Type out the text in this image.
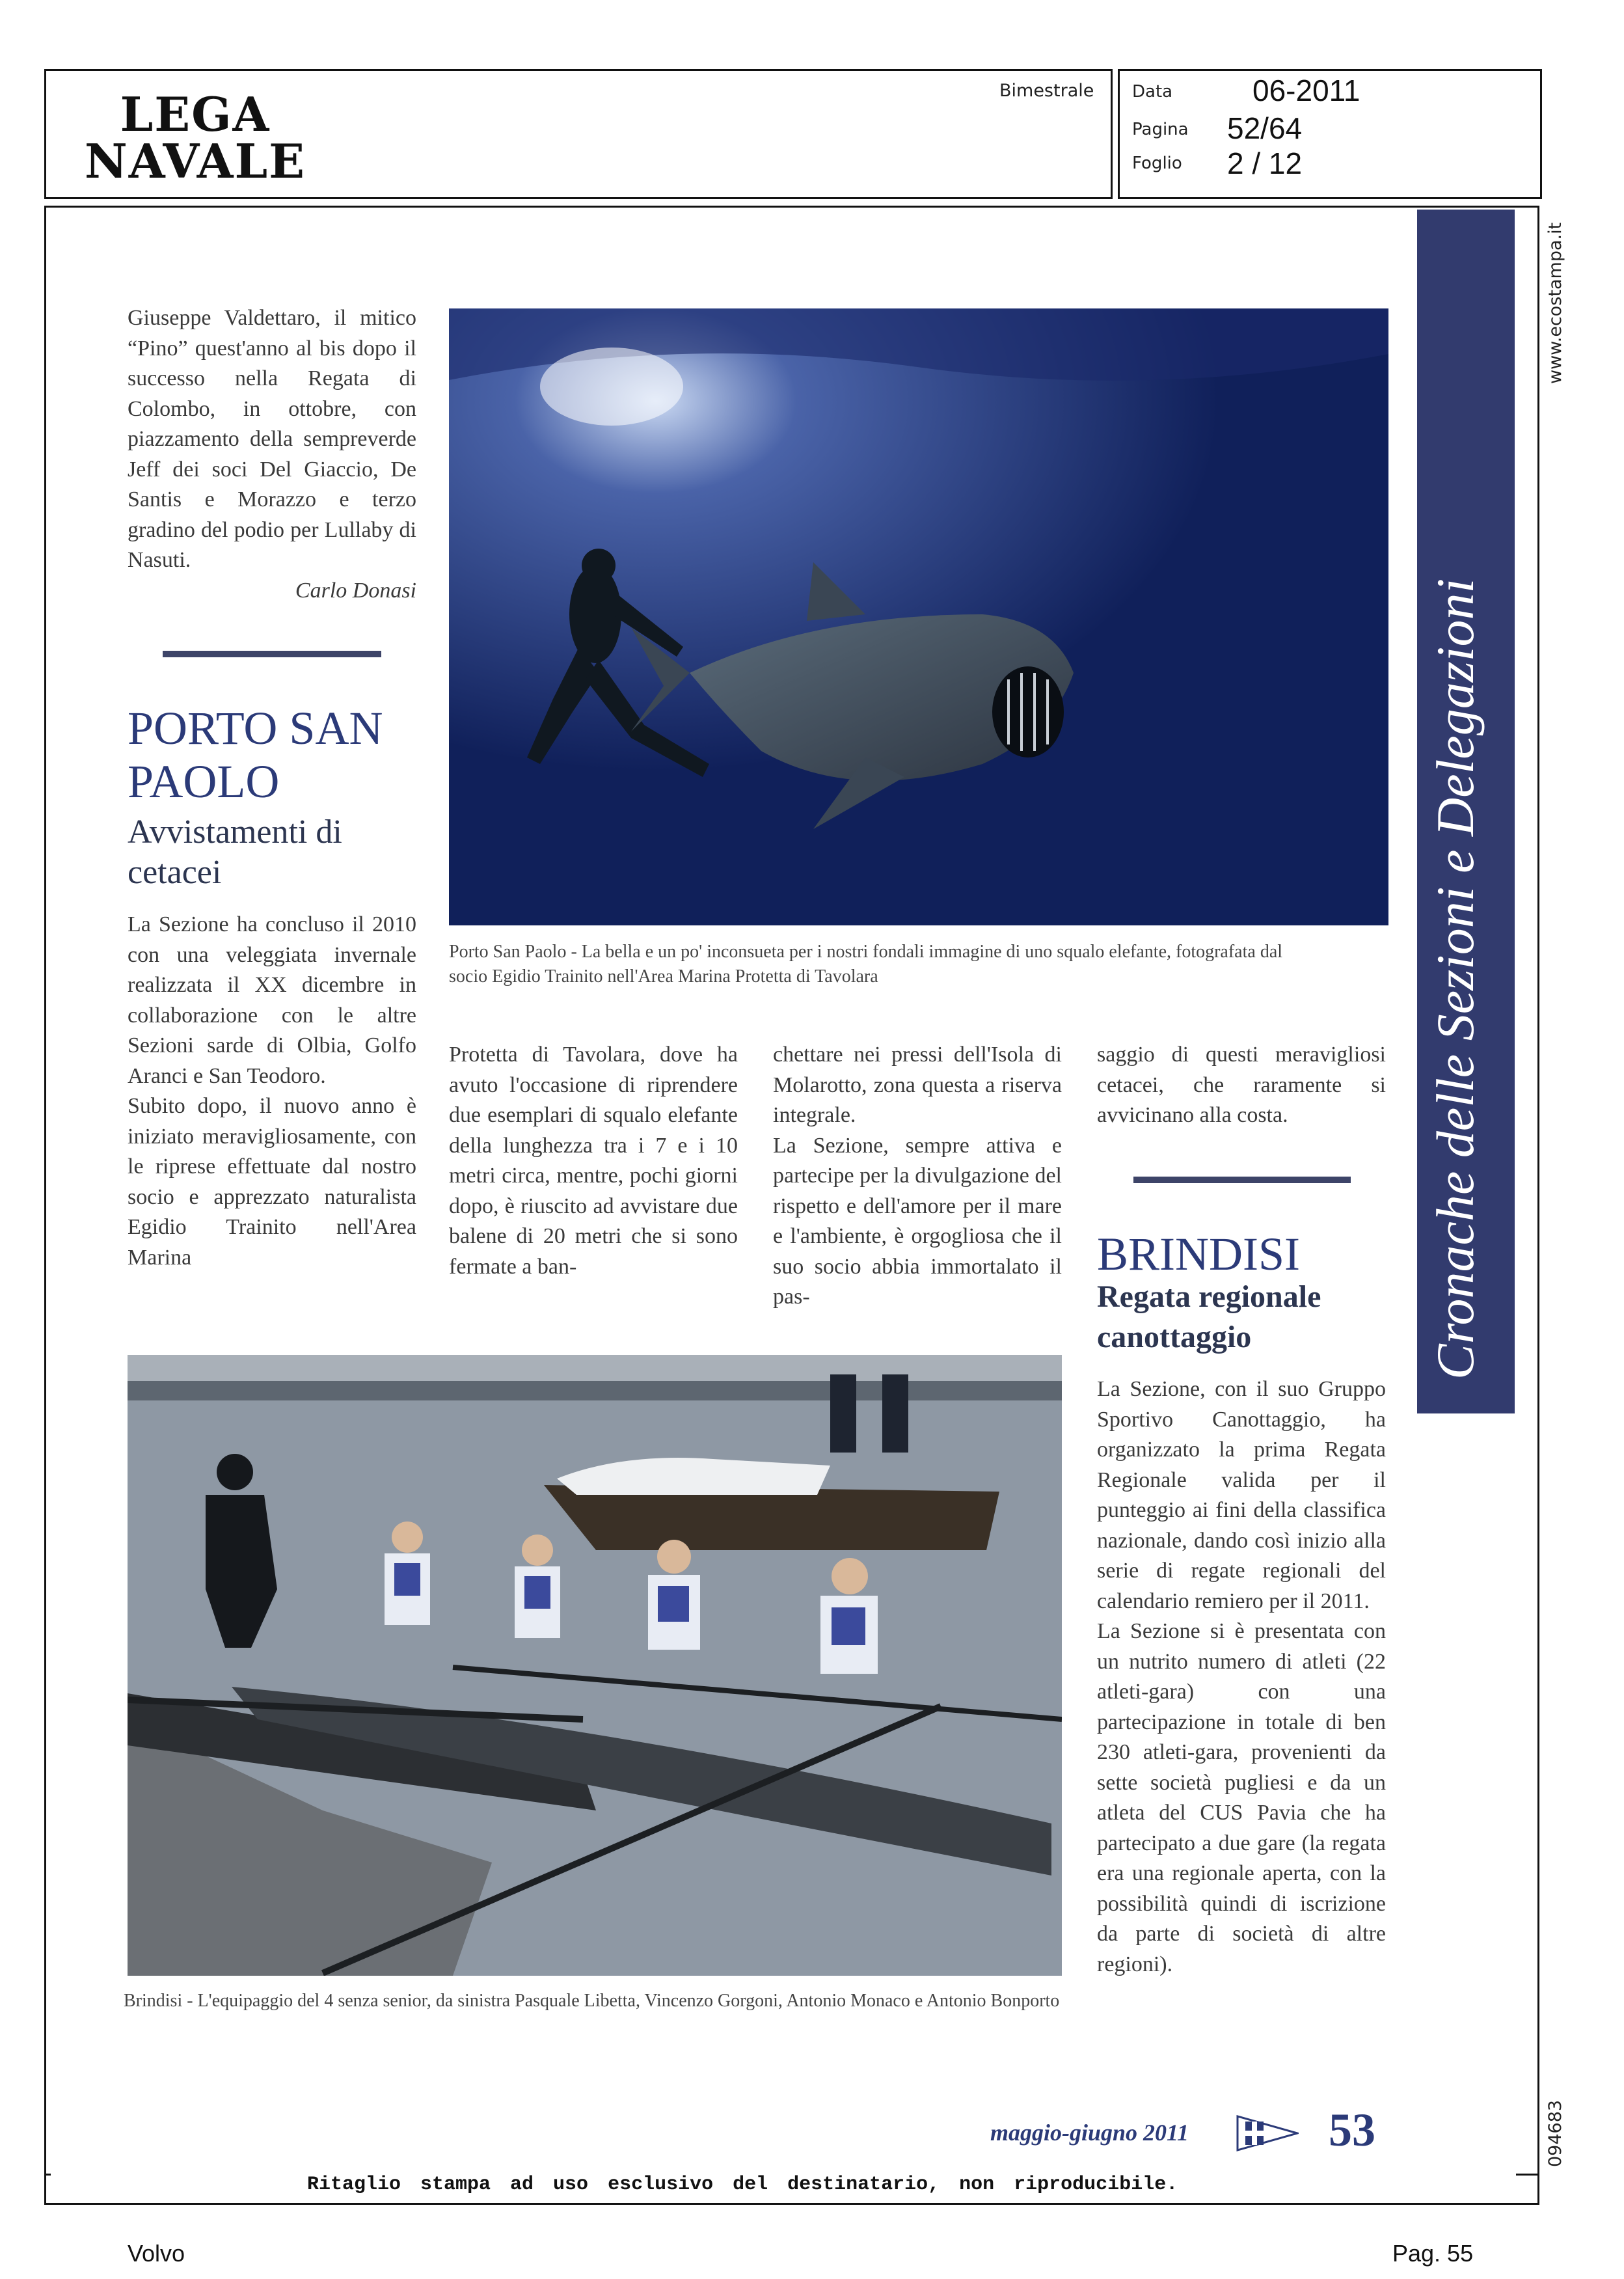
LEGA
NAVALE
Bimestrale Data	06-2011
Pagina 52/64
Foglio 2 / 12
www.ecostampa.it
094683

Giuseppe Valdettaro, il mitico “Pino” quest'anno al bis dopo il successo nella Regata di Colombo, in ottobre, con piazzamento della sempreverde Jeff dei soci Del Giaccio, De Santis e Morazzo e terzo gradino del podio per Lullaby di Nasuti.

Carlo Donasi

PORTO SAN PAOLO
Avvistamenti di cetacei

La Sezione ha concluso il 2010 con una veleggiata invernale realizzata il XX dicembre in collaborazione con le altre Sezioni sarde di Olbia, Golfo Aranci e San Teodoro.

Subito dopo, il nuovo anno è iniziato meravigliosamente, con le riprese effettuate dal nostro socio e apprezzato naturalista Egidio Trainito nell'Area Marina

Porto San Paolo - La bella e un po' inconsueta per i nostri fondali immagine di uno squalo elefante, fotografata dal socio Egidio Trainito nell'Area Marina Protetta di Tavolara
Protetta di Tavolara, dove ha avuto l'occasione di riprendere due esemplari di squalo elefante della lunghezza tra i 7 e i 10 metri circa, mentre, pochi giorni dopo, è riuscito ad avvistare due balene di 20 metri che si sono fermate a ban-

chettare nei pressi dell'Isola di Molarotto, zona questa a riserva integrale.

La Sezione, sempre attiva e partecipe per la divulgazione del rispetto e dell'amore per il mare e l'ambiente, è orgogliosa che il suo socio abbia immortalato il pas-

saggio di questi meravigliosi cetacei, che raramente si avvicinano alla costa.
BRINDISI
Regata regionale canottaggio

La Sezione, con il suo Gruppo Sportivo Canottaggio, ha organizzato la prima Regata Regionale valida per il punteggio ai fini della classifica nazionale, dando così inizio alla serie di regate regionali del calendario remiero per il 2011.

La Sezione si è presentata con un nutrito numero di atleti (22 atleti-gara) con una partecipazione in totale di ben 230 atleti-gara, provenienti da sette società pugliesi e da un atleta del CUS Pavia che ha partecipato a due gare (la regata era una regionale aperta, con la possibilità quindi di iscrizione da parte di società di altre regioni).

Brindisi - L'equipaggio del 4 senza senior, da sinistra Pasquale Libetta, Vincenzo Gorgoni, Antonio Monaco e Antonio Bonporto
maggio-giugno 2011	53
Ritaglio stampa ad uso esclusivo del destinatario, non riproducibile.
Volvo	Pag. 55
